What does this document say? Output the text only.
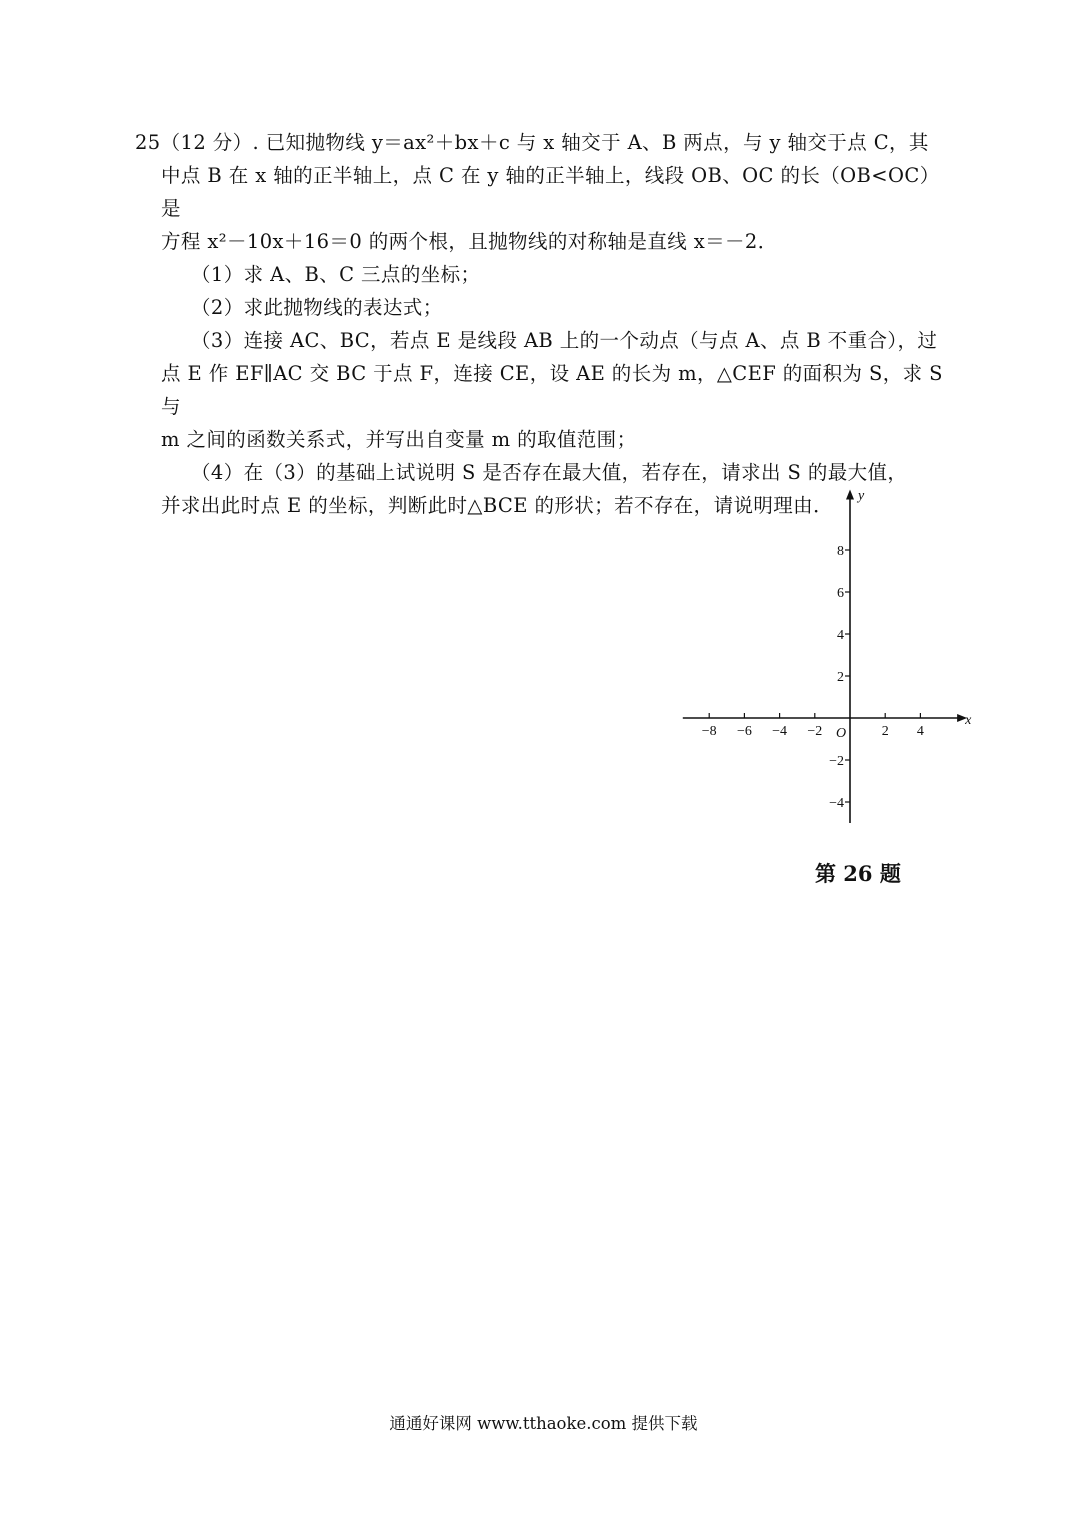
25（12 分）. 已知抛物线 y＝ax²＋bx＋c 与 x 轴交于 A、B 两点，与 y 轴交于点 C，其
中点 B 在 x 轴的正半轴上，点 C 在 y 轴的正半轴上，线段 OB、OC 的长（OB<OC）是
方程 x²－10x＋16＝0 的两个根，且抛物线的对称轴是直线 x＝－2．

（1）求 A、B、C 三点的坐标；

（2）求此抛物线的表达式；

（3）连接 AC、BC，若点 E 是线段 AB 上的一个动点（与点 A、点 B 不重合），过

点 E 作 EF∥AC 交 BC 于点 F，连接 CE，设 AE 的长为 m，△CEF 的面积为 S，求 S 与

m 之间的函数关系式，并写出自变量 m 的取值范围；

（4）在（3）的基础上试说明 S 是否存在最大值，若存在，请求出 S 的最大值，

并求出此时点 E 的坐标，判断此时△BCE 的形状；若不存在，请说明理由．

x
y
O
−8 −6 −4 −2	2 4
8
6
4
2
−2
−4
第 26 题
通通好课网 www.tthaoke.com 提供下载
